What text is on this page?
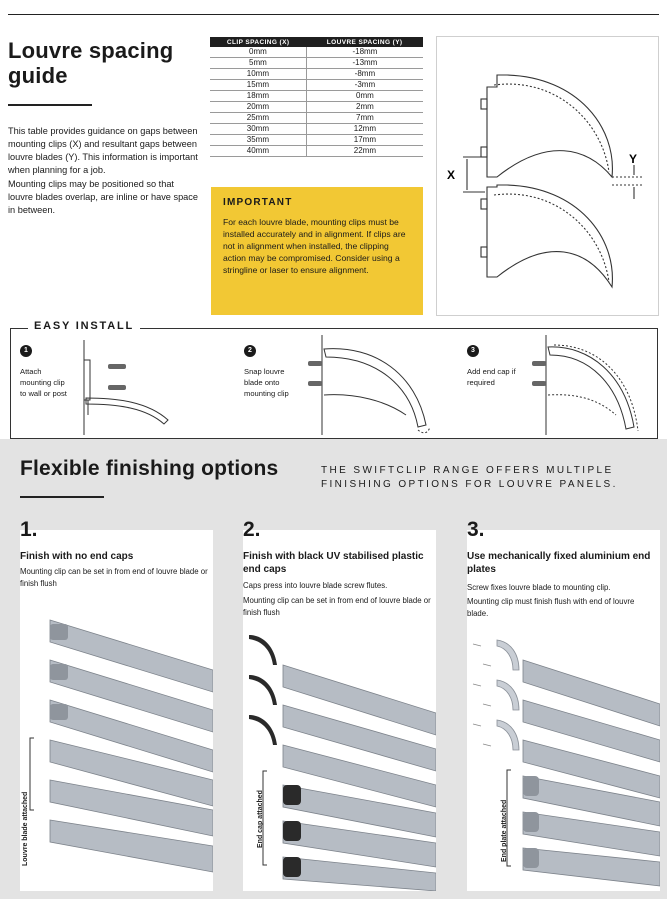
Louvre spacing
guide

This table provides guidance on gaps between mounting clips (X) and resultant gaps between louvre blades (Y). This information is important when planning for a job.

Mounting clips may be positioned so that louvre blades overlap, are inline or have space in between.

CLIP SPACING (X)	LOUVRE SPACING (Y)
0mm	-18mm
5mm	-13mm
10mm	-8mm
15mm	-3mm
18mm	0mm
20mm	2mm
25mm	7mm
30mm	12mm
35mm	17mm
40mm	22mm
IMPORTANT

For each louvre blade, mounting clips must be installed accurately and in alignment. If clips are not in alignment when installed, the clipping action may be compromised. Consider using a stringline or laser to ensure alignment.

X
Y
EASY INSTALL
1
Attach mounting clip to wall or post
2
Snap louvre blade onto mounting clip
3
Add end cap if required
Flexible finishing options	THE SWIFTCLIP RANGE OFFERS MULTIPLE FINISHING OPTIONS FOR LOUVRE PANELS.
Finish with no end caps
Mounting clip can be set in from end of louvre blade or finish flush
Louvre blade attached
1.
Finish with black UV stabilised plastic end caps
Caps press into louvre blade screw flutes.
Mounting clip can be set in from end of louvre blade or finish flush
End cap attached
2.
Use mechanically fixed aluminium end plates
Screw fixes louvre blade to mounting clip.
Mounting clip must finish flush with end of louvre blade.
End plate attached
3.
